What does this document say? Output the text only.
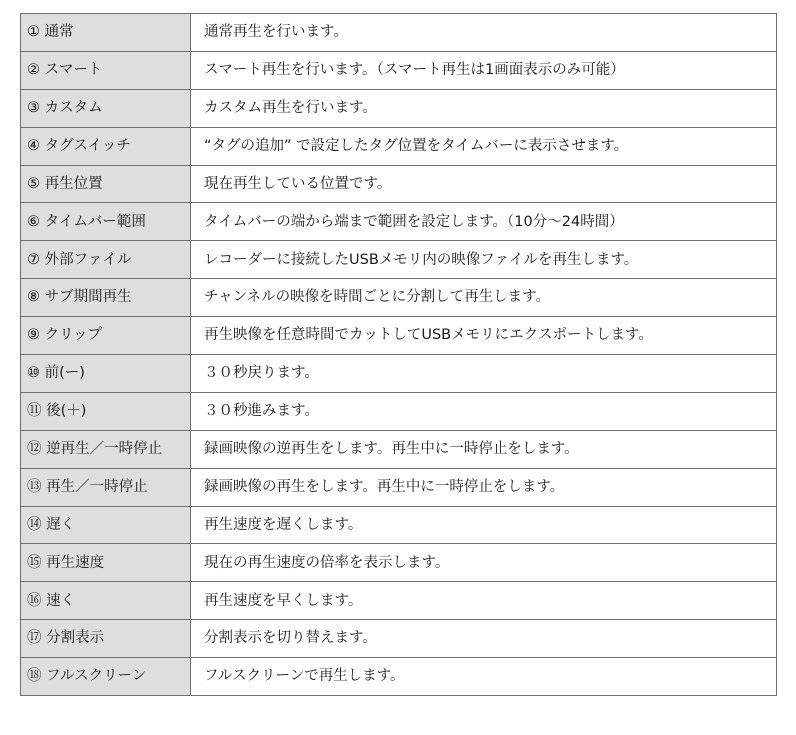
① 通常	通常再生を行います。
② スマート	スマート再生を行います。（スマート再生は1画面表示のみ可能）
③ カスタム	カスタム再生を行います。
④ タグスイッチ	“タグの追加” で設定したタグ位置をタイムバーに表示させます。
⑤ 再生位置	現在再生している位置です。
⑥ タイムバー範囲	タイムバーの端から端まで範囲を設定します。（10分〜24時間）
⑦ 外部ファイル	レコーダーに接続したUSBメモリ内の映像ファイルを再生します。
⑧ サブ期間再生	チャンネルの映像を時間ごとに分割して再生します。
⑨ クリップ	再生映像を任意時間でカットしてUSBメモリにエクスポートします。
⑩ 前(ー)	３０秒戻ります。
⑪ 後(＋)	３０秒進みます。
⑫ 逆再生／一時停止	録画映像の逆再生をします。再生中に一時停止をします。
⑬ 再生／一時停止	録画映像の再生をします。再生中に一時停止をします。
⑭ 遅く	再生速度を遅くします。
⑮ 再生速度	現在の再生速度の倍率を表示します。
⑯ 速く	再生速度を早くします。
⑰ 分割表示	分割表示を切り替えます。
⑱ フルスクリーン	フルスクリーンで再生します。
